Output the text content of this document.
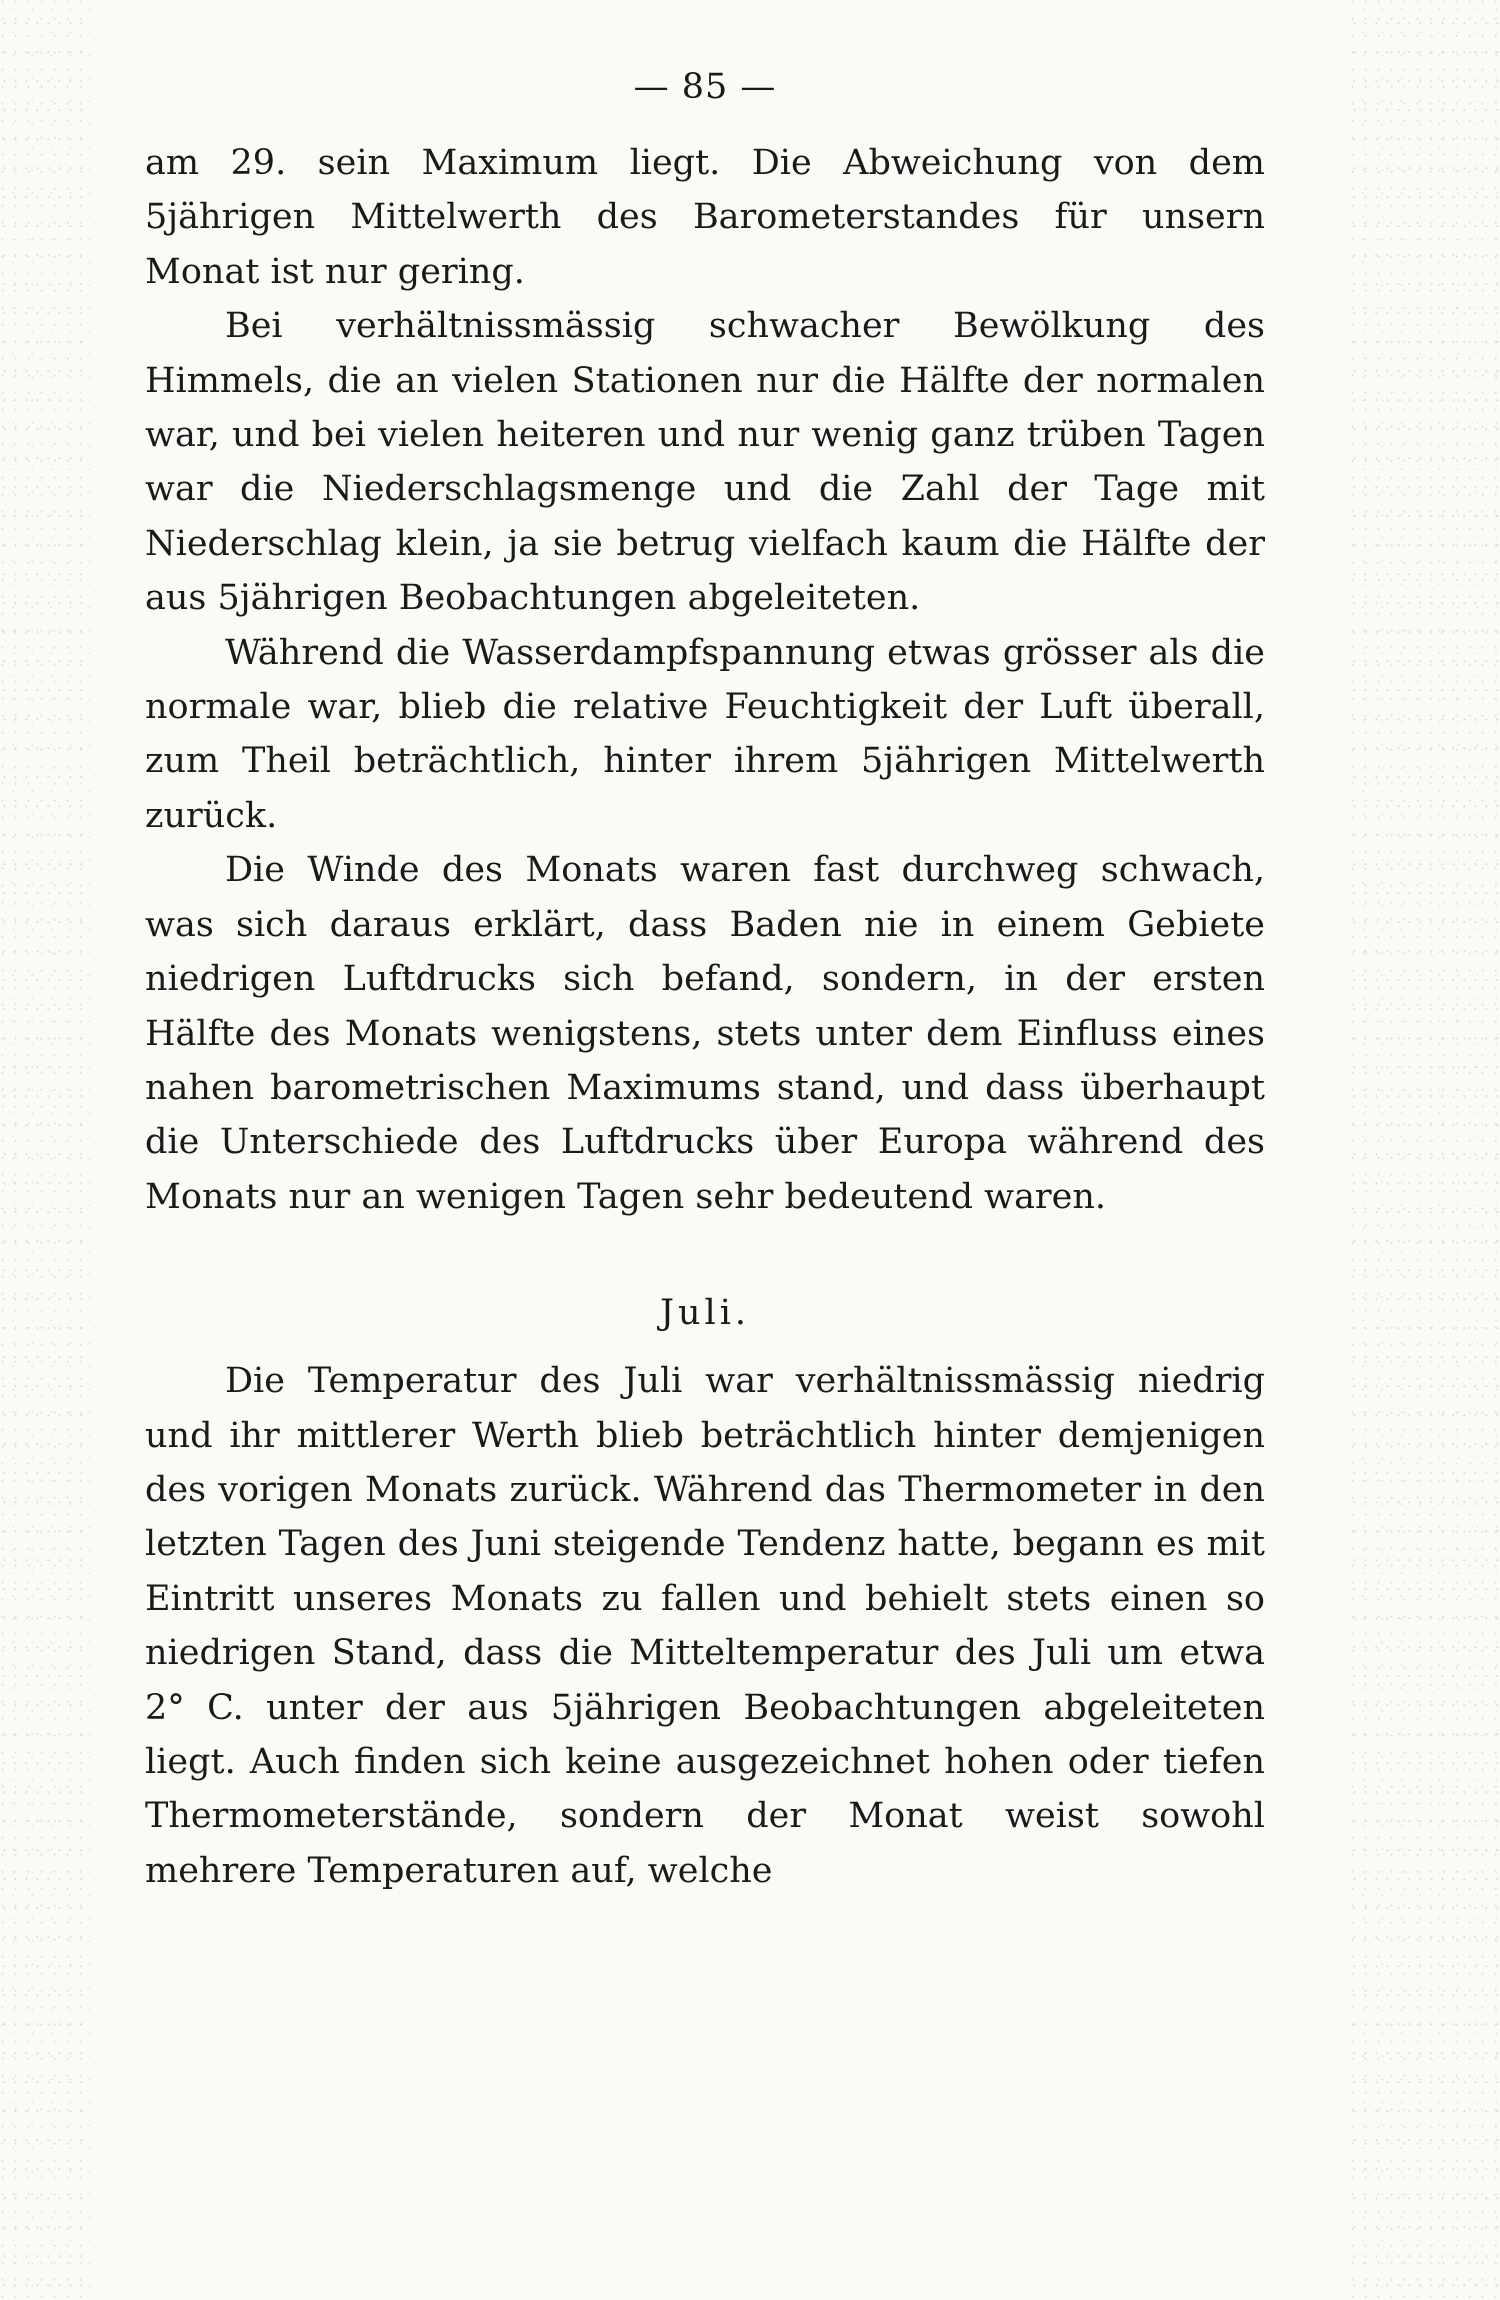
— 85 —

am 29. sein Maximum liegt. Die Abweichung von dem 5jährigen Mittelwerth des Barometerstandes für unsern Monat ist nur gering.

Bei verhältnissmässig schwacher Bewölkung des Himmels, die an vielen Stationen nur die Hälfte der normalen war, und bei vielen heiteren und nur wenig ganz trüben Tagen war die Niederschlagsmenge und die Zahl der Tage mit Niederschlag klein, ja sie betrug vielfach kaum die Hälfte der aus 5jährigen Beobachtungen abgeleiteten.

Während die Wasserdampfspannung etwas grösser als die normale war, blieb die relative Feuchtigkeit der Luft überall, zum Theil beträchtlich, hinter ihrem 5jährigen Mittelwerth zurück.

Die Winde des Monats waren fast durchweg schwach, was sich daraus erklärt, dass Baden nie in einem Gebiete niedrigen Luftdrucks sich befand, sondern, in der ersten Hälfte des Monats wenigstens, stets unter dem Einfluss eines nahen barometrischen Maximums stand, und dass überhaupt die Unterschiede des Luftdrucks über Europa während des Monats nur an wenigen Tagen sehr bedeutend waren.

Juli.

Die Temperatur des Juli war verhältnissmässig niedrig und ihr mittlerer Werth blieb beträchtlich hinter demjenigen des vorigen Monats zurück. Während das Thermometer in den letzten Tagen des Juni steigende Tendenz hatte, begann es mit Eintritt unseres Monats zu fallen und behielt stets einen so niedrigen Stand, dass die Mitteltemperatur des Juli um etwa 2° C. unter der aus 5jährigen Beobachtungen abgeleiteten liegt. Auch finden sich keine ausgezeichnet hohen oder tiefen Thermometerstände, sondern der Monat weist sowohl mehrere Temperaturen auf, welche
